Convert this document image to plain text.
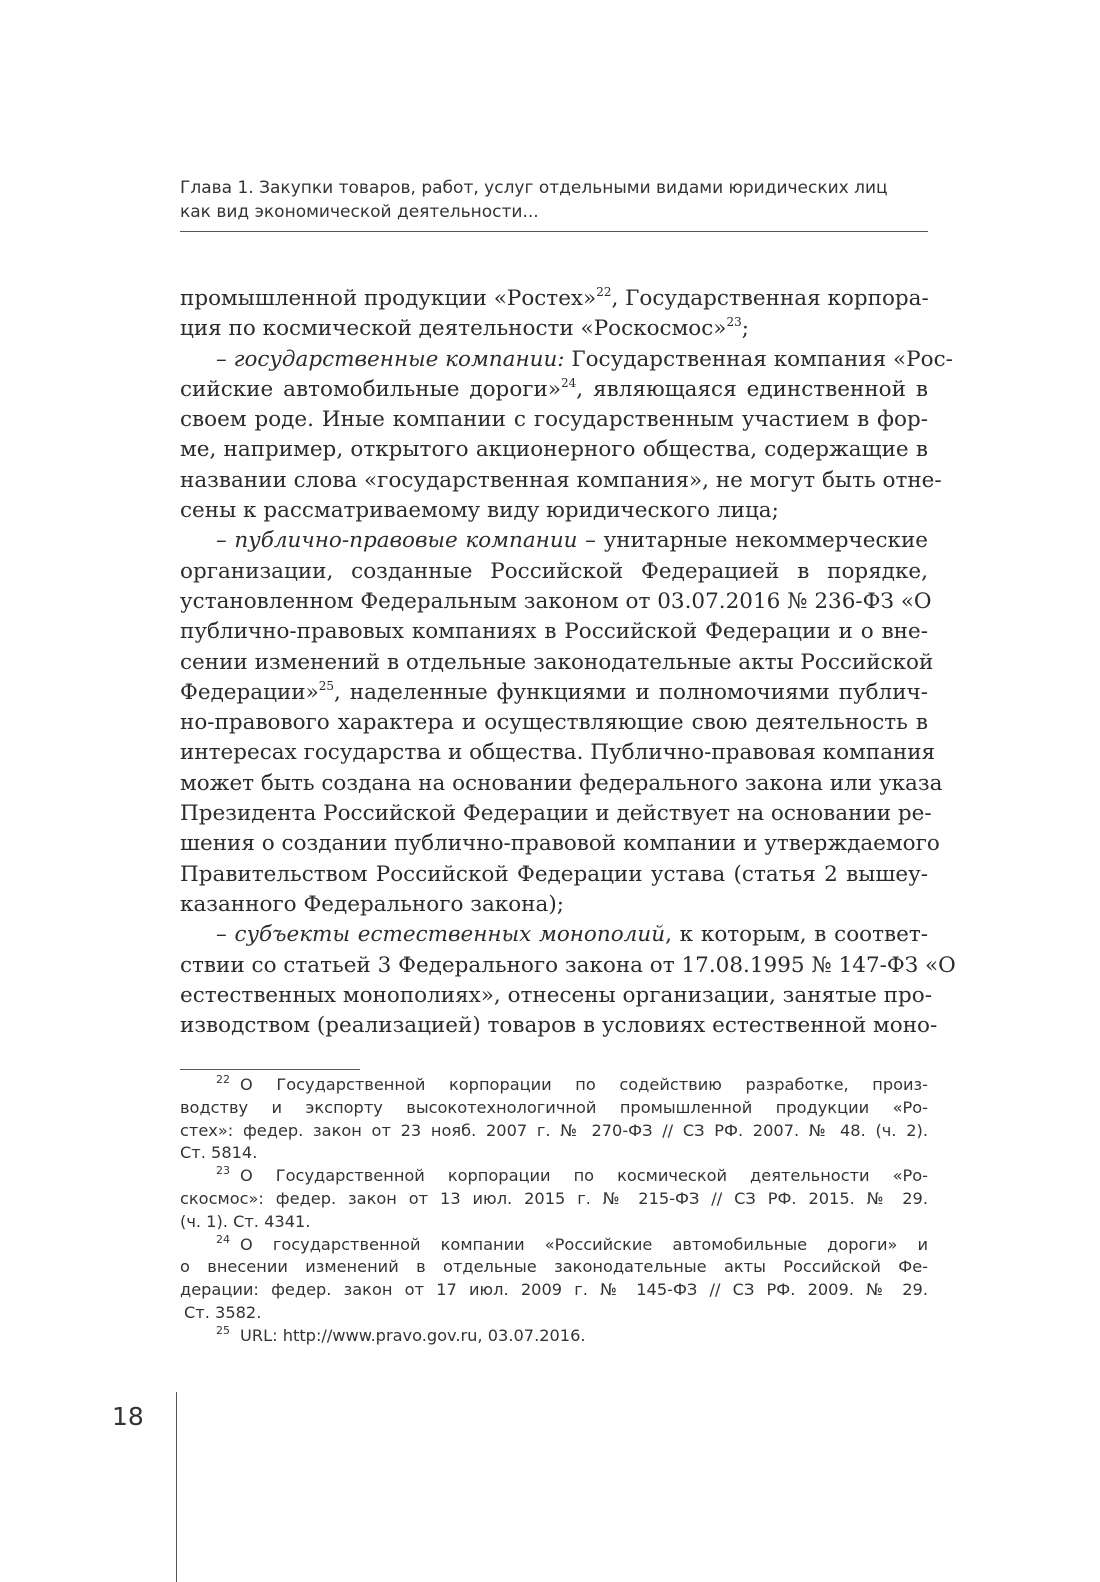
Глава 1. Закупки товаров, работ, услуг отдельными видами юридических лиц
как вид экономической деятельности...
промышленной продукции «Ростех»$^{22}$, Государственная корпора-
ция по космической деятельности «Роскосмос»$^{23}$;
– государственные компании: Государственная компания «Рос-
сийские автомобильные дороги»$^{24}$, являющаяся единственной в
своем роде. Иные компании с государственным участием в фор-
ме, например, открытого акционерного общества, содержащие в
названии слова «государственная компания», не могут быть отне-
сены к рассматриваемому виду юридического лица;
– публично-правовые компании – унитарные некоммерческие
организации, созданные Российской Федерацией в порядке,
установленном Федеральным законом от 03.07.2016 № 236-ФЗ «О
публично-правовых компаниях в Российской Федерации и о вне-
сении изменений в отдельные законодательные акты Российской
Федерации»$^{25}$, наделенные функциями и полномочиями публич-
но-правового характера и осуществляющие свою деятельность в
интересах государства и общества. Публично-правовая компания
может быть создана на основании федерального закона или указа
Президента Российской Федерации и действует на основании ре-
шения о создании публично-правовой компании и утверждаемого
Правительством Российской Федерации устава (статья 2 вышеу-
казанного Федерального закона);
– субъекты естественных монополий, к которым, в соответ-
ствии со статьей 3 Федерального закона от 17.08.1995 № 147-ФЗ «О
естественных монополиях», отнесены организации, занятые про-
изводством (реализацией) товаров в условиях естественной моно-
$^{22}$ О Государственной корпорации по содействию разработке, произ-
водству и экспорту высокотехнологичной промышленной продукции «Ро-
стех»: федер. закон от 23 нояб. 2007 г. № 270-ФЗ // СЗ РФ. 2007. № 48. (ч. 2).
Ст. 5814.
$^{23}$ О Государственной корпорации по космической деятельности «Ро-
скосмос»: федер. закон от 13 июл. 2015 г. № 215-ФЗ // СЗ РФ. 2015. № 29.
(ч. 1). Ст. 4341.
$^{24}$ О государственной компании «Российские автомобильные дороги» и
о внесении изменений в отдельные законодательные акты Российской Фе-
дерации: федер. закон от 17 июл. 2009 г. № 145-ФЗ // СЗ РФ. 2009. № 29.
Ст. 3582.
$^{25}$ URL: http://www.pravo.gov.ru, 03.07.2016.
18
